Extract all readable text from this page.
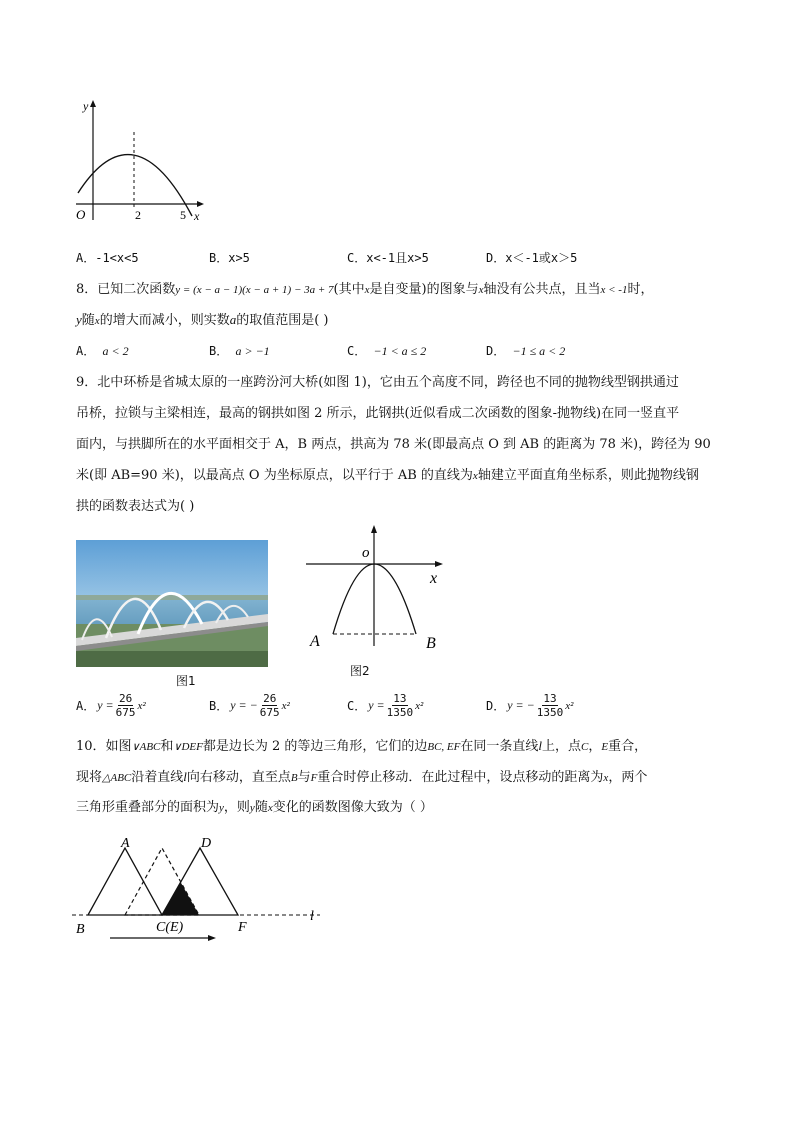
y
O	2	5 x
A．-1<x<5	B．x>5	C．x<-1且x>5	D．x＜-1或x＞5
8．已知二次函数y = (x − a − 1)(x − a + 1) − 3a + 7(其中x是自变量)的图象与x轴没有公共点，且当x < -1时，
y随x的增大而减小，则实数a的取值范围是( )
A． a < 2	B． a > −1	C． −1 < a ≤ 2	D． −1 ≤ a < 2
9．北中环桥是省城太原的一座跨汾河大桥(如图 1)，它由五个高度不同，跨径也不同的抛物线型钢拱通过
吊桥，拉锁与主梁相连，最高的钢拱如图 2 所示，此钢拱(近似看成二次函数的图象-抛物线)在同一竖直平
面内，与拱脚所在的水平面相交于 A，B 两点，拱高为 78 米(即最高点 O 到 AB 的距离为 78 米)，跨径为 90
米(即 AB=90 米)，以最高点 O 为坐标原点，以平行于 AB 的直线为x轴建立平面直角坐标系，则此抛物线钢
拱的函数表达式为( )
图1
o
x
A	B
图2
A． $y = \frac{26}{675} x^2$	B． y = − $\frac{26}{675} x^2$	C． $y = \frac{13}{1350} x^2$	D． y = − $\frac{13}{1350} x^2$
10．如图∨ABC和∨DEF都是边长为 2 的等边三角形，它们的边BC, EF在同一条直线l上，点C，E重合，
现将△ABC沿着直线l向右移动，直至点B与F重合时停止移动．在此过程中，设点移动的距离为x，两个
三角形重叠部分的面积为y，则y随x变化的函数图像大致为（ ）
A	D
B	C(E)	F
l
